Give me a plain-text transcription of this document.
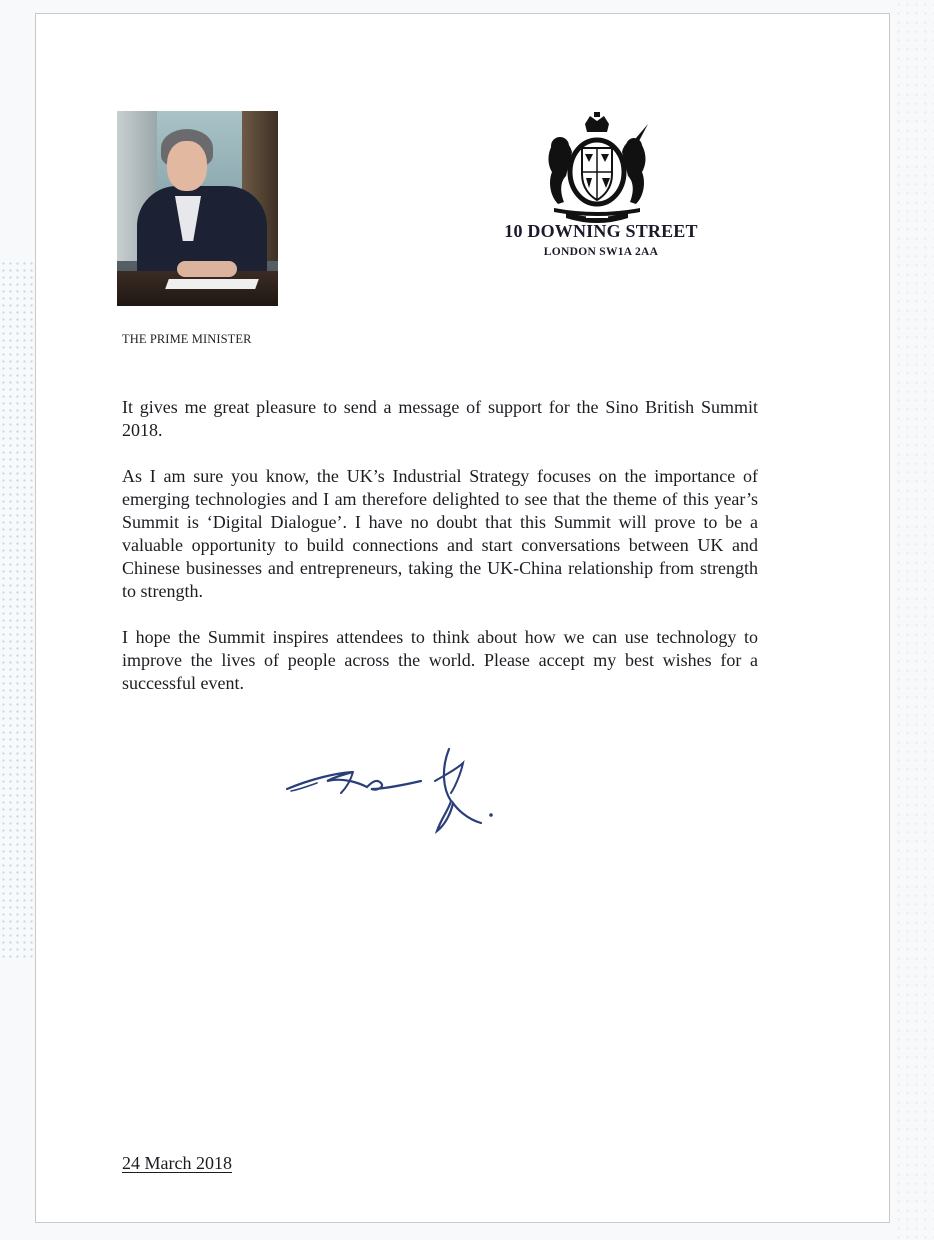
10 DOWNING STREET
LONDON SW1A 2AA
THE PRIME MINISTER

It gives me great pleasure to send a message of support for the Sino British Summit 2018.

As I am sure you know, the UK’s Industrial Strategy focuses on the importance of emerging technologies and I am therefore delighted to see that the theme of this year’s Summit is ‘Digital Dialogue’. I have no doubt that this Summit will prove to be a valuable opportunity to build connections and start conversations between UK and Chinese businesses and entrepreneurs, taking the UK-China relationship from strength to strength.

I hope the Summit inspires attendees to think about how we can use technology to improve the lives of people across the world. Please accept my best wishes for a successful event.

24 March 2018
